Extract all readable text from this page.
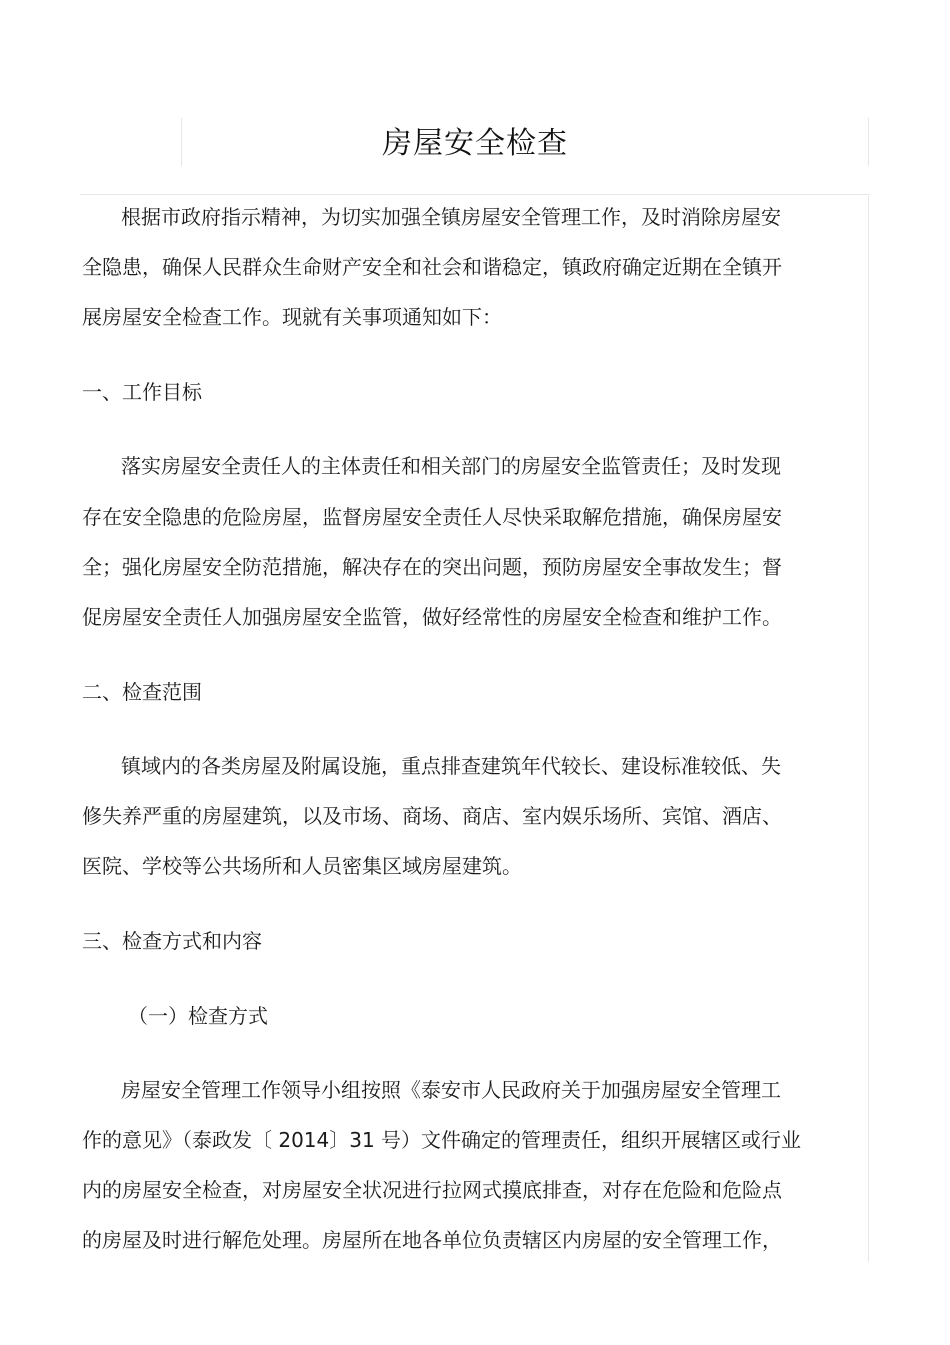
房屋安全检查
根据市政府指示精神，为切实加强全镇房屋安全管理工作，及时消除房屋安
全隐患，确保人民群众生命财产安全和社会和谐稳定，镇政府确定近期在全镇开
展房屋安全检查工作。现就有关事项通知如下：
一、工作目标
落实房屋安全责任人的主体责任和相关部门的房屋安全监管责任；及时发现
存在安全隐患的危险房屋，监督房屋安全责任人尽快采取解危措施，确保房屋安
全；强化房屋安全防范措施，解决存在的突出问题，预防房屋安全事故发生；督
促房屋安全责任人加强房屋安全监管，做好经常性的房屋安全检查和维护工作。
二、检查范围
镇域内的各类房屋及附属设施，重点排查建筑年代较长、建设标准较低、失
修失养严重的房屋建筑，以及市场、商场、商店、室内娱乐场所、宾馆、酒店、
医院、学校等公共场所和人员密集区域房屋建筑。
三、检查方式和内容
（一）检查方式
房屋安全管理工作领导小组按照《泰安市人民政府关于加强房屋安全管理工
作的意见》（泰政发〔 2014〕31 号）文件确定的管理责任，组织开展辖区或行业
内的房屋安全检查，对房屋安全状况进行拉网式摸底排查，对存在危险和危险点
的房屋及时进行解危处理。房屋所在地各单位负责辖区内房屋的安全管理工作，
